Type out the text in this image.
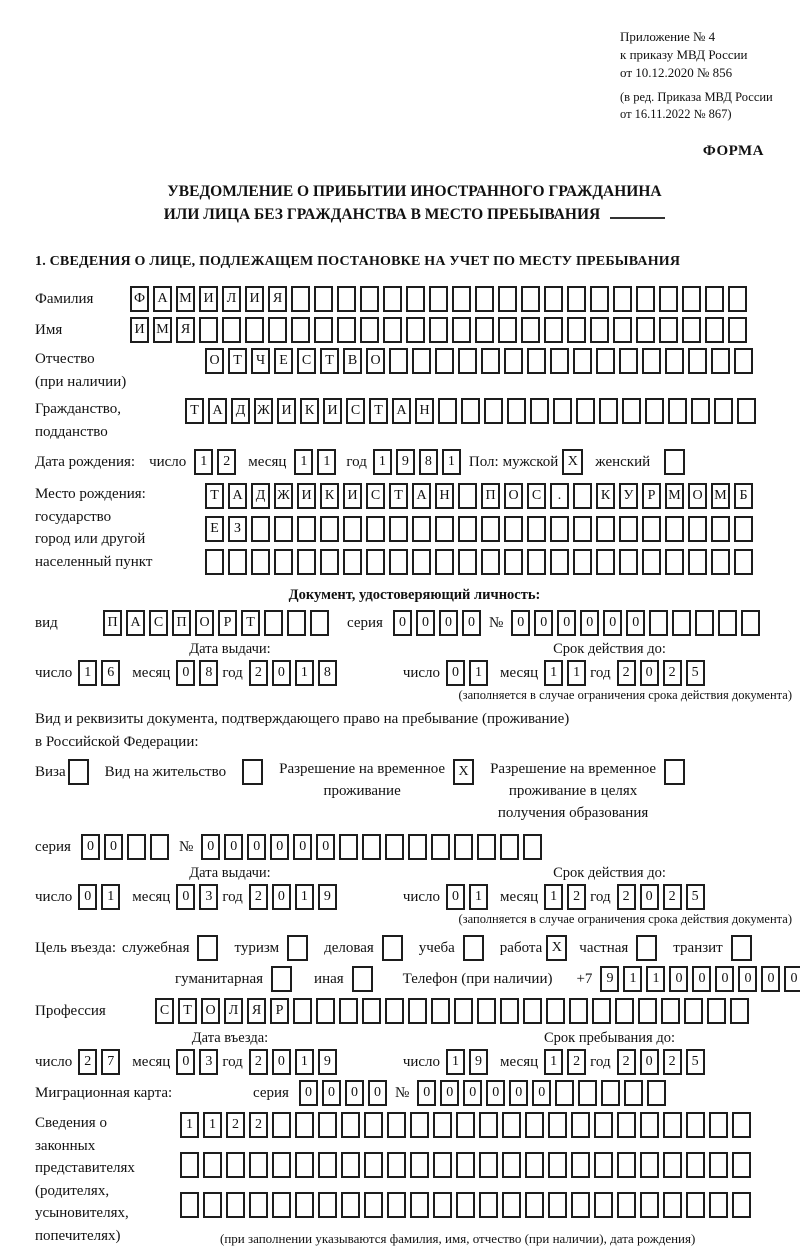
Приложение № 4
к приказу МВД России
от 10.12.2020 № 856
(в ред. Приказа МВД России
от 16.11.2022 № 867)
ФОРМА
УВЕДОМЛЕНИЕ О ПРИБЫТИИ ИНОСТРАННОГО ГРАЖДАНИНА
ИЛИ ЛИЦА БЕЗ ГРАЖДАНСТВА В МЕСТО ПРЕБЫВАНИЯ
1. СВЕДЕНИЯ О ЛИЦЕ, ПОДЛЕЖАЩЕМ ПОСТАНОВКЕ НА УЧЕТ ПО МЕСТУ ПРЕБЫВАНИЯ
Фамилия	Ф А М И Л И Я
Имя	И М Я
Отчество
(при наличии)
О Т	Ч	Е	С	Т	В О
Гражданство,
подданство
Т А Д Ж И К И С	Т А Н
Дата рождения: число	1	2	месяц	1	1	год 1	9	8	1 Пол: мужской X	женский
Место рождения:
государство
город или другой
населенный пункт
Т А Д Ж И К И С	Т А Н	П О С	.	К У	Р М О М Б

Е	З

Документ, удостоверяющий личность:
вид	П А С П О	Р	Т	серия	0	0	0	0 №	0	0	0	0	0	0
Дата выдачи:	Срок действия до:
число 1	6	месяц 0	8 год 2	0	1	8	число 0	1	месяц 1	1 год 2	0	2	5
(заполняется в случае ограничения срока действия документа)
Вид и реквизиты документа, подтверждающего право на пребывание (проживание)
в Российской Федерации:
Виза	Вид на жительство	Разрешение на временное
проживание
X	Разрешение на временное
проживание в целях
получения образования
серия	0	0	№	0	0	0	0	0	0
Дата выдачи:	Срок действия до:
число 0	1	месяц 0	3 год 2	0	1	9	число 0	1	месяц 1	2 год 2	0	2	5
(заполняется в случае ограничения срока действия документа)
Цель въезда: служебная	туризм	деловая	учеба	работа X	частная	транзит
гуманитарная	иная	Телефон (при наличии) +7	9	1	1	0	0	0	0	0	0
Профессия	С	Т О Л Я	Р
Дата въезда:	Срок пребывания до:
число 2	7	месяц 0	3 год 2	0	1	9	число 1	9	месяц 1	2 год 2	0	2	5
Миграционная карта:	серия	0	0	0	0 №	0	0	0	0	0	0
Сведения о
законных
представителях
(родителях,
усыновителях,
попечителях)
1	1	2	2

(при заполнении указываются фамилия, имя, отчество (при наличии), дата рождения)
